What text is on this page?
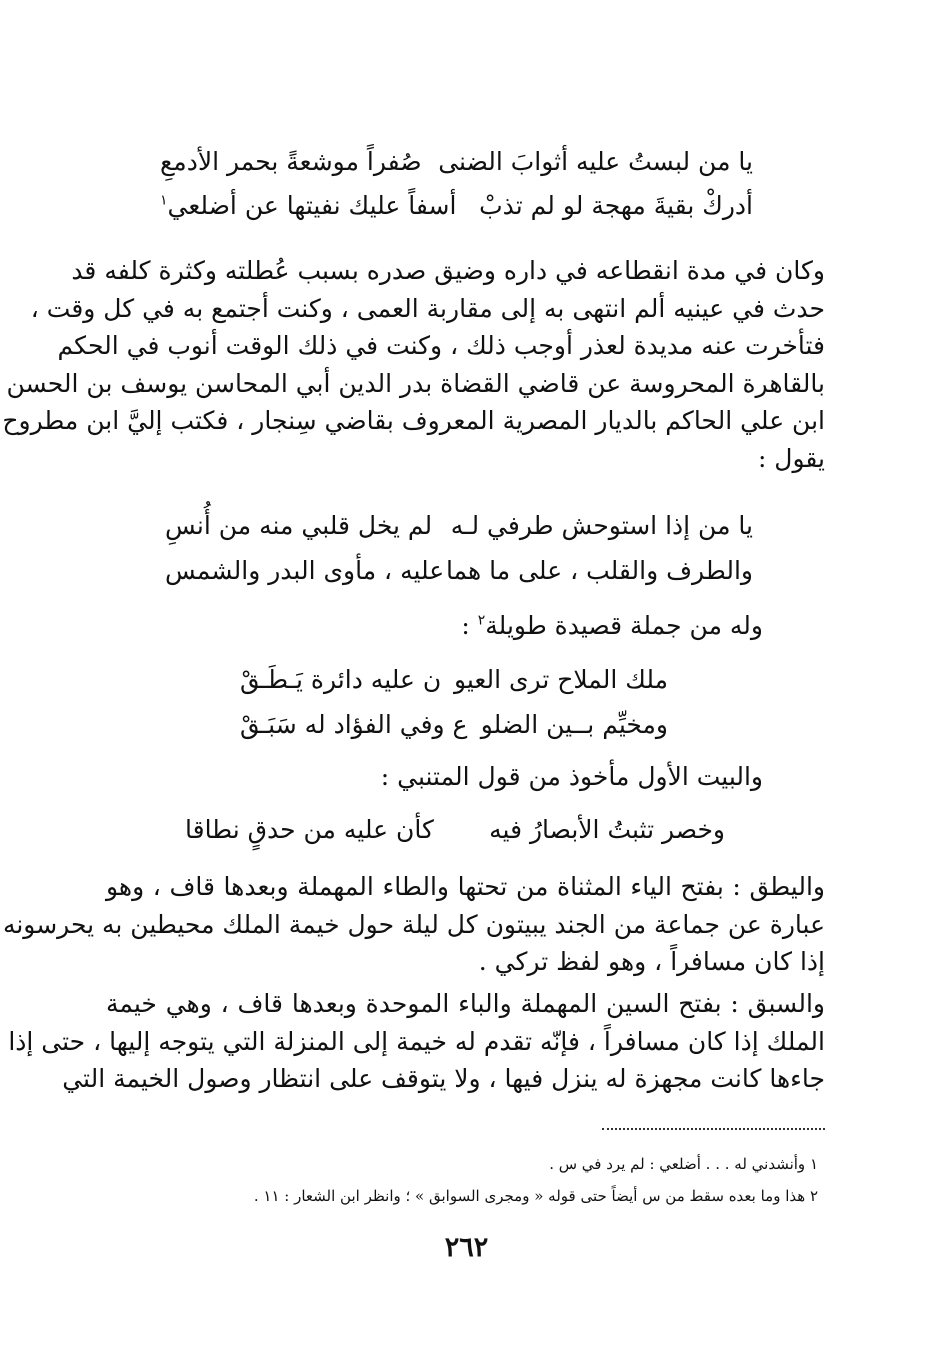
يا من لبستُ عليه أثوابَ الضنى
صُفراً موشعةً بحمر الأدمعِ
أدركْ بقيةَ مهجة لو لم تذبْ
أسفاً عليك نفيتها عن أضلعي$^١$
وكان في مدة انقطاعه في داره وضيق صدره بسبب عُطلته وكثرة كلفه قد
حدث في عينيه ألم انتهى به إلى مقاربة العمى ، وكنت أجتمع به في كل وقت ،
فتأخرت عنه مديدة لعذر أوجب ذلك ، وكنت في ذلك الوقت أنوب في الحكم
بالقاهرة المحروسة عن قاضي القضاة بدر الدين أبي المحاسن يوسف بن الحسن
ابن علي الحاكم بالديار المصرية المعروف بقاضي سِنجار ، فكتب إليَّ ابن مطروح
يقول :
يا من إذا استوحش طرفي لـه
لم يخل قلبي منه من أُنسِ
والطرف والقلب ، على ما هما
عليه ، مأوى البدر والشمس
وله من جملة قصيدة طويلة$^٢$ :
ملك الملاح ترى العيو
ن عليه دائرة يَـطَـقْ
ومخيِّم بــين الضلو
ع وفي الفؤاد له سَبَـقْ
والبيت الأول مأخوذ من قول المتنبي :
وخصر تثبتُ الأبصارُ فيه
كأن عليه من حدقٍ نطاقا
واليطق : بفتح الياء المثناة من تحتها والطاء المهملة وبعدها قاف ، وهو
عبارة عن جماعة من الجند يبيتون كل ليلة حول خيمة الملك محيطين به يحرسونه
إذا كان مسافراً ، وهو لفظ تركي .
والسبق : بفتح السين المهملة والباء الموحدة وبعدها قاف ، وهي خيمة
الملك إذا كان مسافراً ، فإنّه تقدم له خيمة إلى المنزلة التي يتوجه إليها ، حتى إذا
جاءها كانت مجهزة له ينزل فيها ، ولا يتوقف على انتظار وصول الخيمة التي
١ وأنشدني له . . . أضلعي : لم يرد في س .
٢ هذا وما بعده سقط من س أيضاً حتى قوله « ومجرى السوابق » ؛ وانظر ابن الشعار : ١١ .
٢٦٢
